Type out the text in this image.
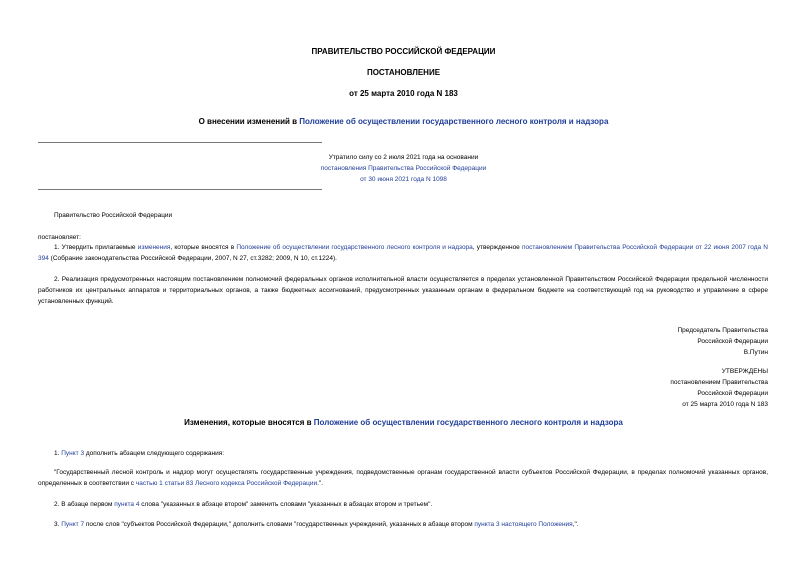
ПРАВИТЕЛЬСТВО РОССИЙСКОЙ ФЕДЕРАЦИИ
ПОСТАНОВЛЕНИЕ
от 25 марта 2010 года N 183
О внесении изменений в Положение об осуществлении государственного лесного контроля и надзора
Утратило силу со 2 июля 2021 года на основании
постановления Правительства Российской Федерации
от 30 июня 2021 года N 1098
Правительство Российской Федерации
постановляет:
1. Утвердить прилагаемые изменения, которые вносятся в Положение об осуществлении государственного лесного контроля и надзора, утвержденное постановлением Правительства Российской Федерации от 22 июня 2007 года N 394 (Собрание законодательства Российской Федерации, 2007, N 27, ст.3282; 2009, N 10, ст.1224).
2. Реализация предусмотренных настоящим постановлением полномочий федеральных органов исполнительной власти осуществляется в пределах установленной Правительством Российской Федерации предельной численности работников их центральных аппаратов и территориальных органов, а также бюджетных ассигнований, предусмотренных указанным органам в федеральном бюджете на соответствующий год на руководство и управление в сфере установленных функций.
Председатель Правительства
Российской Федерации
В.Путин
УТВЕРЖДЕНЫ
постановлением Правительства
Российской Федерации
от 25 марта 2010 года N 183
Изменения, которые вносятся в Положение об осуществлении государственного лесного контроля и надзора
1. Пункт 3 дополнить абзацем следующего содержания:
"Государственный лесной контроль и надзор могут осуществлять государственные учреждения, подведомственные органам государственной власти субъектов Российской Федерации, в пределах полномочий указанных органов, определенных в соответствии с частью 1 статьи 83 Лесного кодекса Российской Федерации.".
2. В абзаце первом пункта 4 слова "указанных в абзаце втором" заменить словами "указанных в абзацах втором и третьем".
3. Пункт 7 после слов "субъектов Российской Федерации," дополнить словами "государственных учреждений, указанных в абзаце втором пункта 3 настоящего Положения,".
